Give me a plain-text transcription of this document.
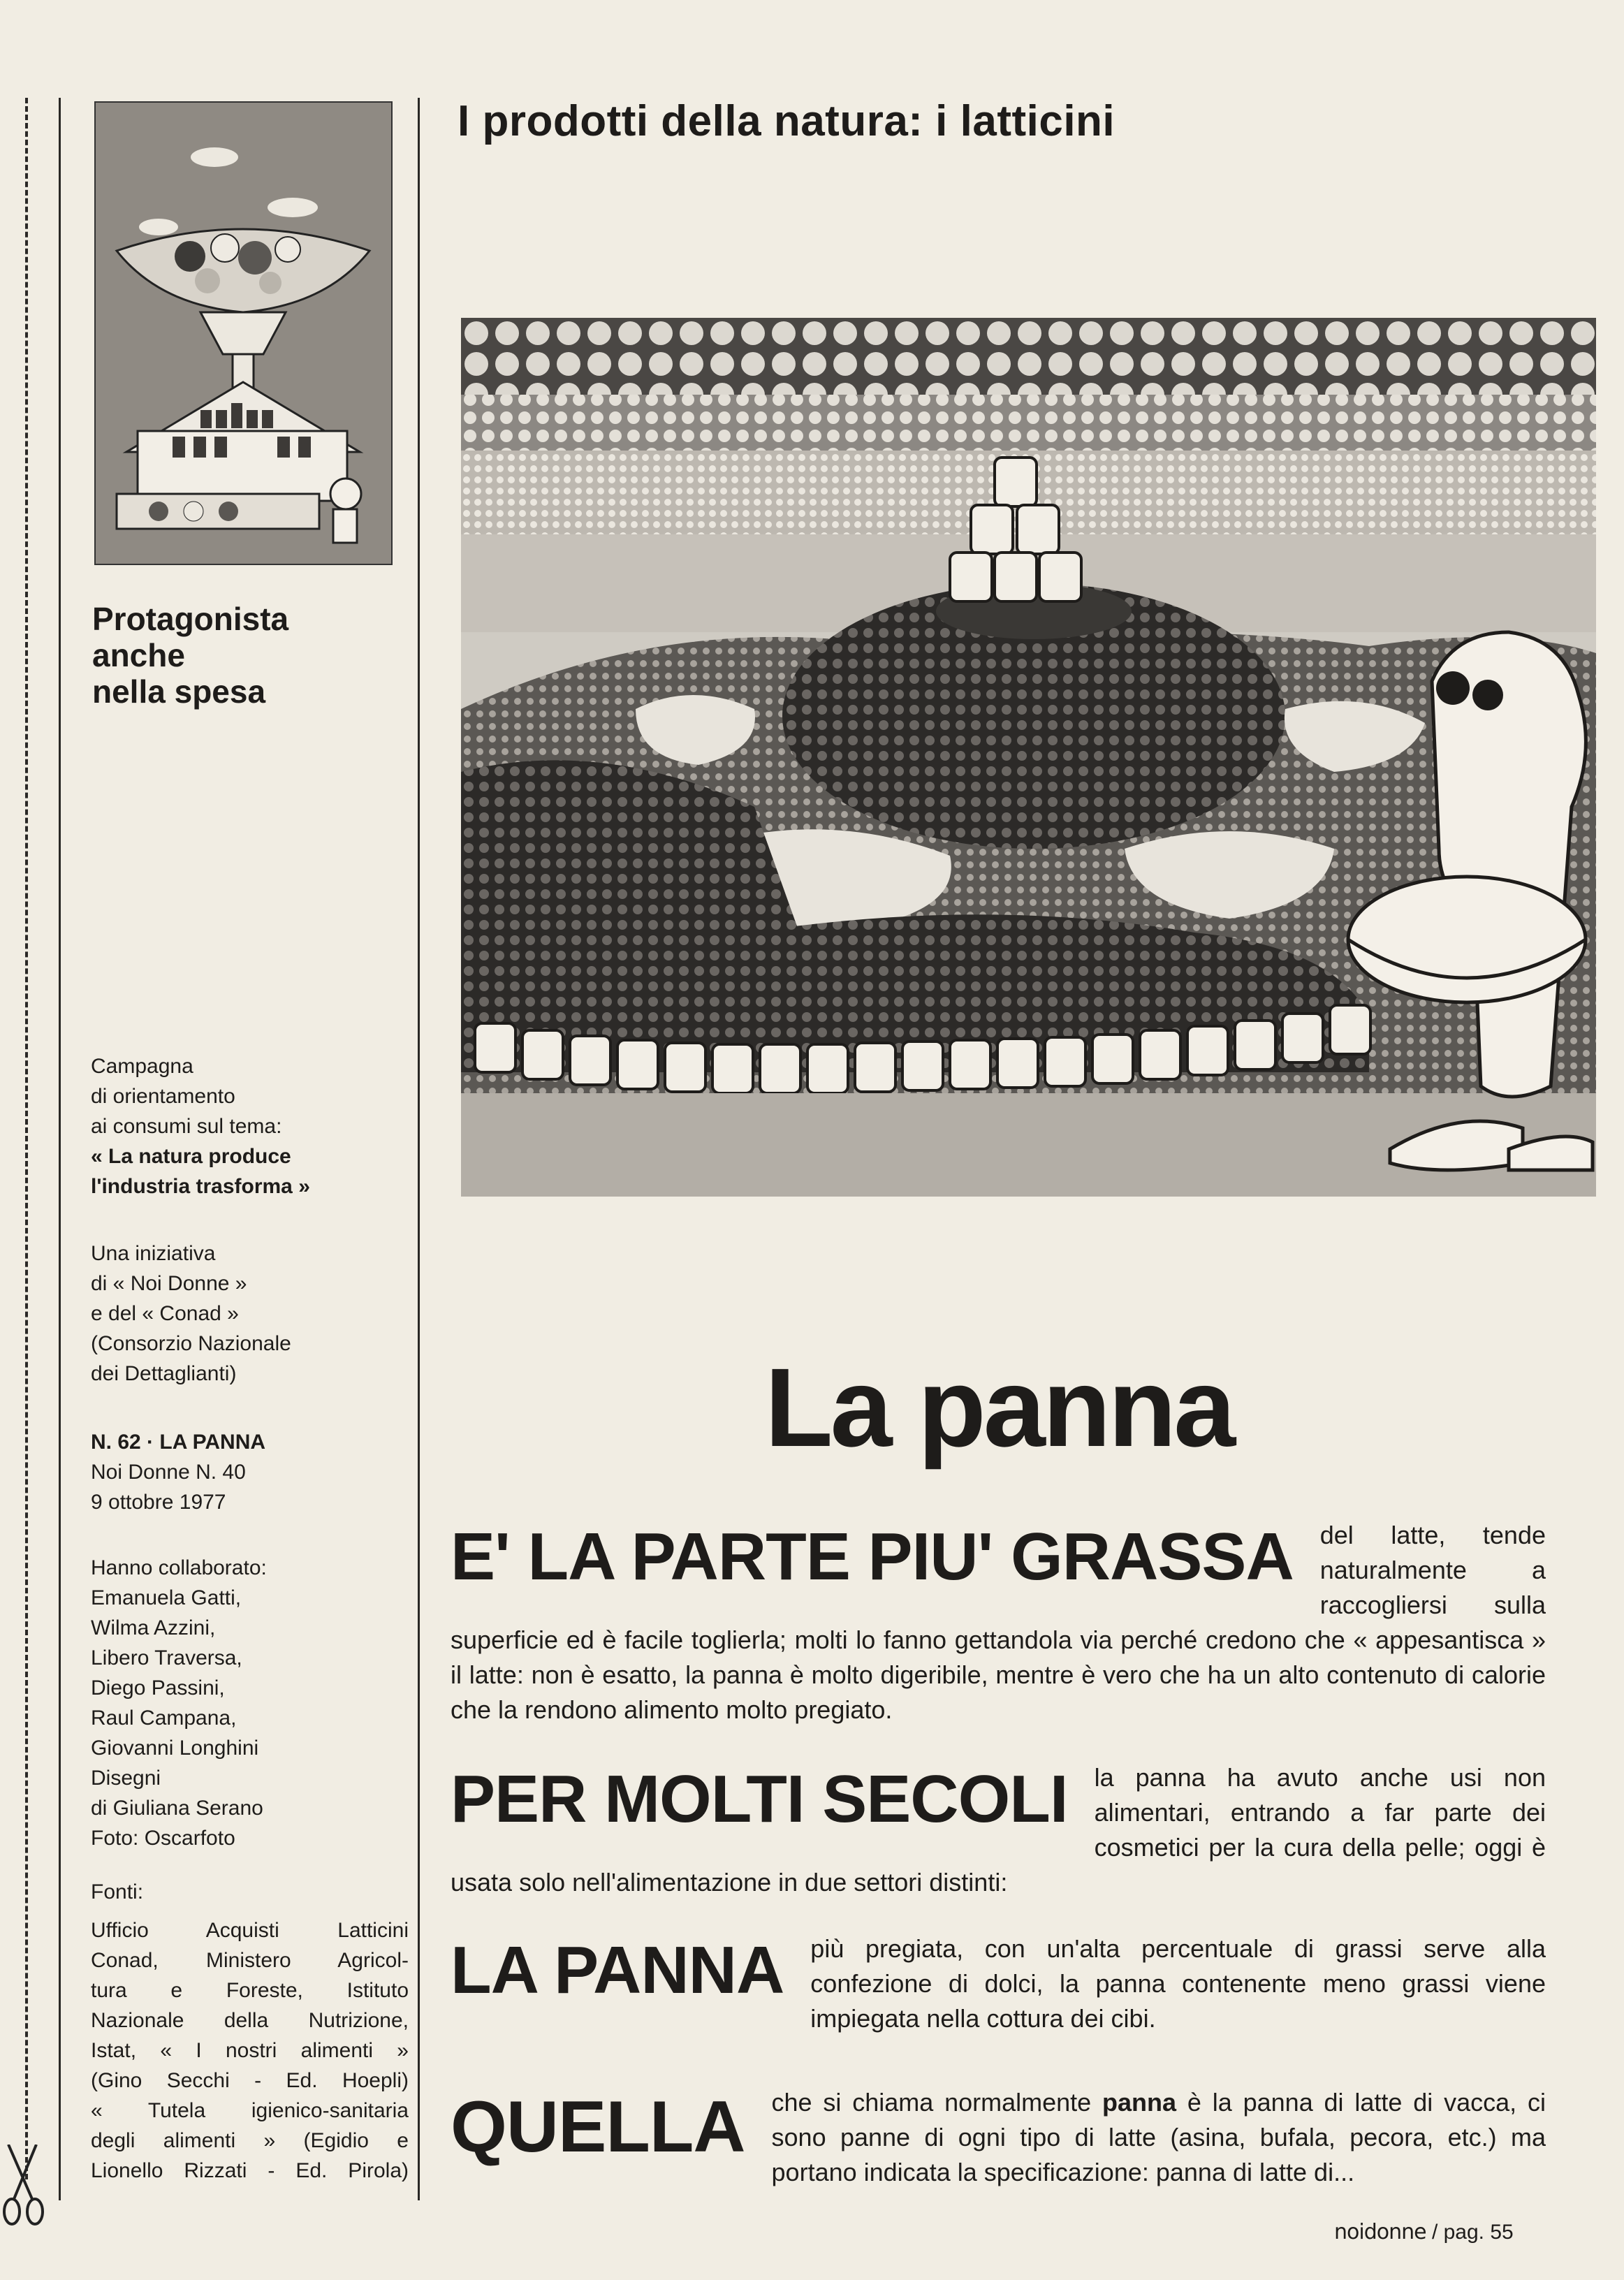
Protagonista
anche
nella spesa
Campagna
di orientamento
ai consumi sul tema:
« La natura produce
l'industria trasforma »
Una iniziativa
di « Noi Donne »
e del « Conad »
(Consorzio Nazionale
dei Dettaglianti)
N. 62 · LA PANNA
Noi Donne N. 40
9 ottobre 1977
Hanno collaborato:
Emanuela Gatti,
Wilma Azzini,
Libero Traversa,
Diego Passini,
Raul Campana,
Giovanni Longhini
Disegni
di Giuliana Serano
Foto: Oscarfoto
Fonti:
Ufficio Acquisti Latticini
Conad, Ministero Agricol-
tura e Foreste, Istituto
Nazionale della Nutrizione,
Istat, « I nostri alimenti »
(Gino Secchi - Ed. Hoepli)
« Tutela igienico-sanitaria
degli alimenti » (Egidio e
Lionello Rizzati - Ed. Pirola)
I prodotti della natura: i latticini
La panna

E' LA PARTE PIU' GRASSA del latte, tende naturalmente a raccogliersi sulla superficie ed è facile toglierla; molti lo fanno gettandola via perché credono che « appesantisca » il latte: non è esatto, la panna è molto digeribile, mentre è vero che ha un alto contenuto di calorie che la rendono alimento molto pregiato.

PER MOLTI SECOLI la panna ha avuto anche usi non alimentari, entrando a far parte dei cosmetici per la cura della pelle; oggi è usata solo nell'alimentazione in due settori distinti:

LA PANNA più pregiata, con un'alta percentuale di grassi serve alla confezione di dolci, la panna contenente meno grassi viene impiegata nella cottura dei cibi.

QUELLA che si chiama normalmente panna è la panna di latte di vacca, ci sono panne di ogni tipo di latte (asina, bufala, pecora, etc.) ma portano indicata la specificazione: panna di latte di...

noidonne / pag. 55
